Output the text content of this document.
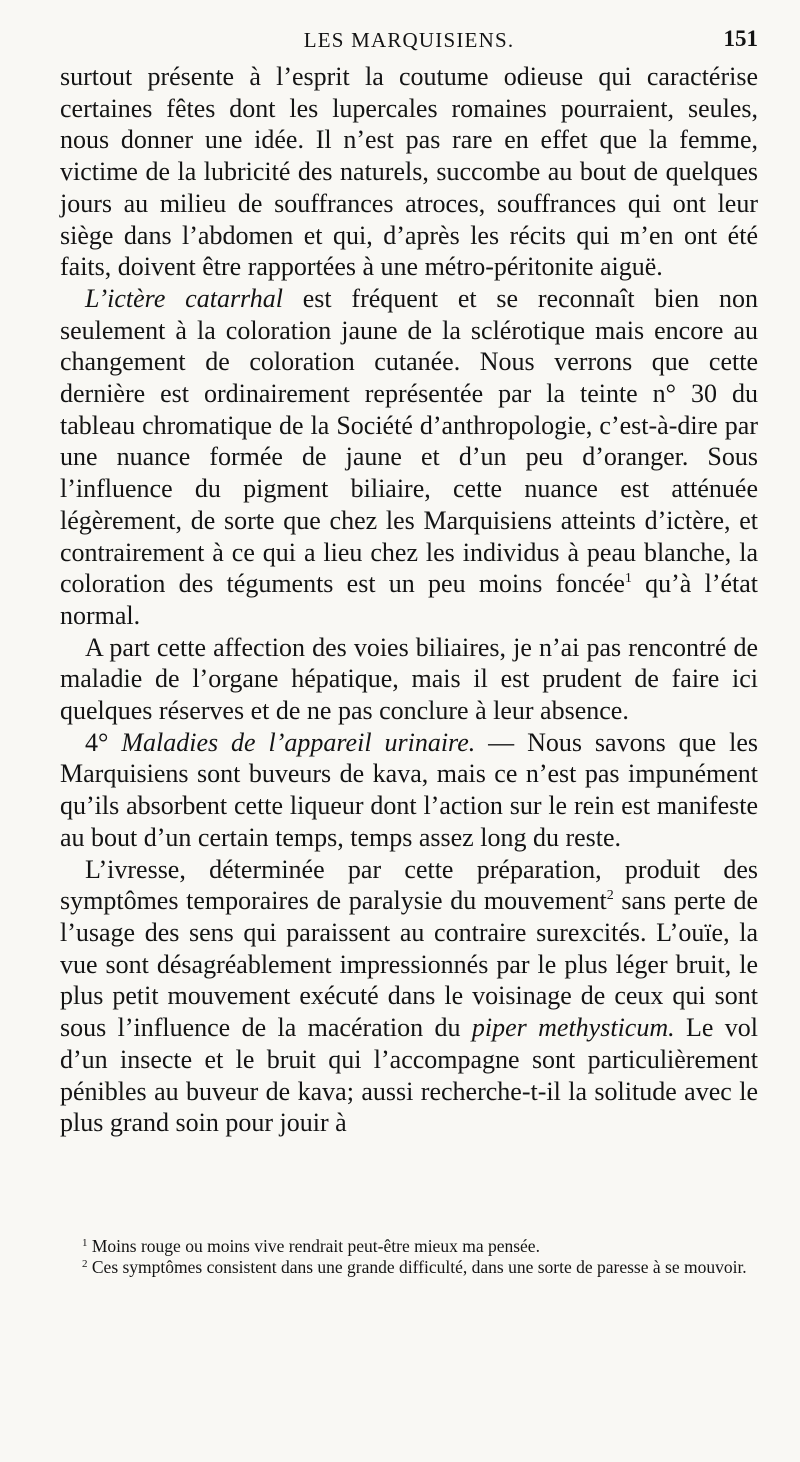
LES MARQUISIENS.	151

surtout présente à l’esprit la coutume odieuse qui caractérise certaines fêtes dont les lupercales romaines pourraient, seules, nous donner une idée. Il n’est pas rare en effet que la femme, victime de la lubricité des naturels, succombe au bout de quelques jours au milieu de souffrances atroces, souffrances qui ont leur siège dans l’abdomen et qui, d’après les récits qui m’en ont été faits, doivent être rapportées à une métro-péritonite aiguë.

L’ictère catarrhal est fréquent et se reconnaît bien non seulement à la coloration jaune de la sclérotique mais encore au changement de coloration cutanée. Nous verrons que cette dernière est ordinairement représentée par la teinte n° 30 du tableau chromatique de la Société d’anthropologie, c’est-à-dire par une nuance formée de jaune et d’un peu d’oranger. Sous l’influence du pigment biliaire, cette nuance est atténuée légèrement, de sorte que chez les Marquisiens atteints d’ictère, et contrairement à ce qui a lieu chez les individus à peau blanche, la coloration des téguments est un peu moins foncée$^1$ qu’à l’état normal.

A part cette affection des voies biliaires, je n’ai pas rencontré de maladie de l’organe hépatique, mais il est prudent de faire ici quelques réserves et de ne pas conclure à leur absence.

4° Maladies de l’appareil urinaire. — Nous savons que les Marquisiens sont buveurs de kava, mais ce n’est pas impunément qu’ils absorbent cette liqueur dont l’action sur le rein est manifeste au bout d’un certain temps, temps assez long du reste.

L’ivresse, déterminée par cette préparation, produit des symptômes temporaires de paralysie du mouvement$^2$ sans perte de l’usage des sens qui paraissent au contraire surexcités. L’ouïe, la vue sont désagréablement impressionnés par le plus léger bruit, le plus petit mouvement exécuté dans le voisinage de ceux qui sont sous l’influence de la macération du piper methysticum. Le vol d’un insecte et le bruit qui l’accompagne sont particulièrement pénibles au buveur de kava; aussi recherche-t-il la solitude avec le plus grand soin pour jouir à

$^1$ Moins rouge ou moins vive rendrait peut-être mieux ma pensée.

$^2$ Ces symptômes consistent dans une grande difficulté, dans une sorte de paresse à se mouvoir.
